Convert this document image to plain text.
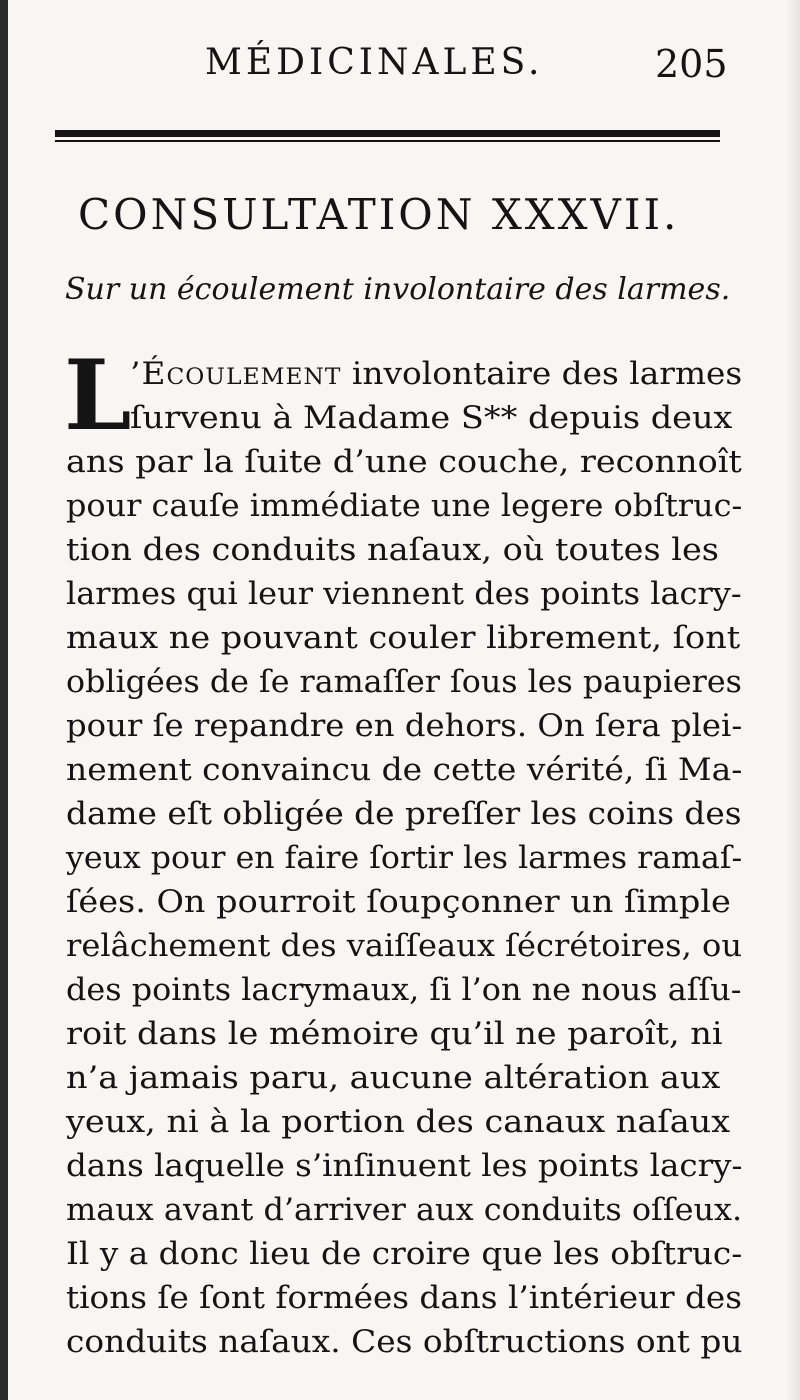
MÉDICINALES.	205
CONSULTATION XXXVII.
Sur un écoulement involontaire des larmes.
L
’Écoulement involontaire des larmes
ſurvenu à Madame S** depuis deux
ans par la ſuite d’une couche, reconnoît
pour cauſe immédiate une legere obſtruc-
tion des conduits naſaux, où toutes les
larmes qui leur viennent des points lacry-
maux ne pouvant couler librement, ſont
obligées de ſe ramaſſer ſous les paupieres
pour ſe repandre en dehors. On ſera plei-
nement convaincu de cette vérité, ſi Ma-
dame eſt obligée de preſſer les coins des
yeux pour en faire ſortir les larmes ramaſ-
ſées. On pourroit ſoupçonner un ſimple
relâchement des vaiſſeaux ſécrétoires, ou
des points lacrymaux, ſi l’on ne nous aſſu-
roit dans le mémoire qu’il ne paroît, ni
n’a jamais paru, aucune altération aux
yeux, ni à la portion des canaux naſaux
dans laquelle s’inſinuent les points lacry-
maux avant d’arriver aux conduits oſſeux.
Il y a donc lieu de croire que les obſtruc-
tions ſe ſont formées dans l’intérieur des
conduits naſaux. Ces obſtructions ont pu
